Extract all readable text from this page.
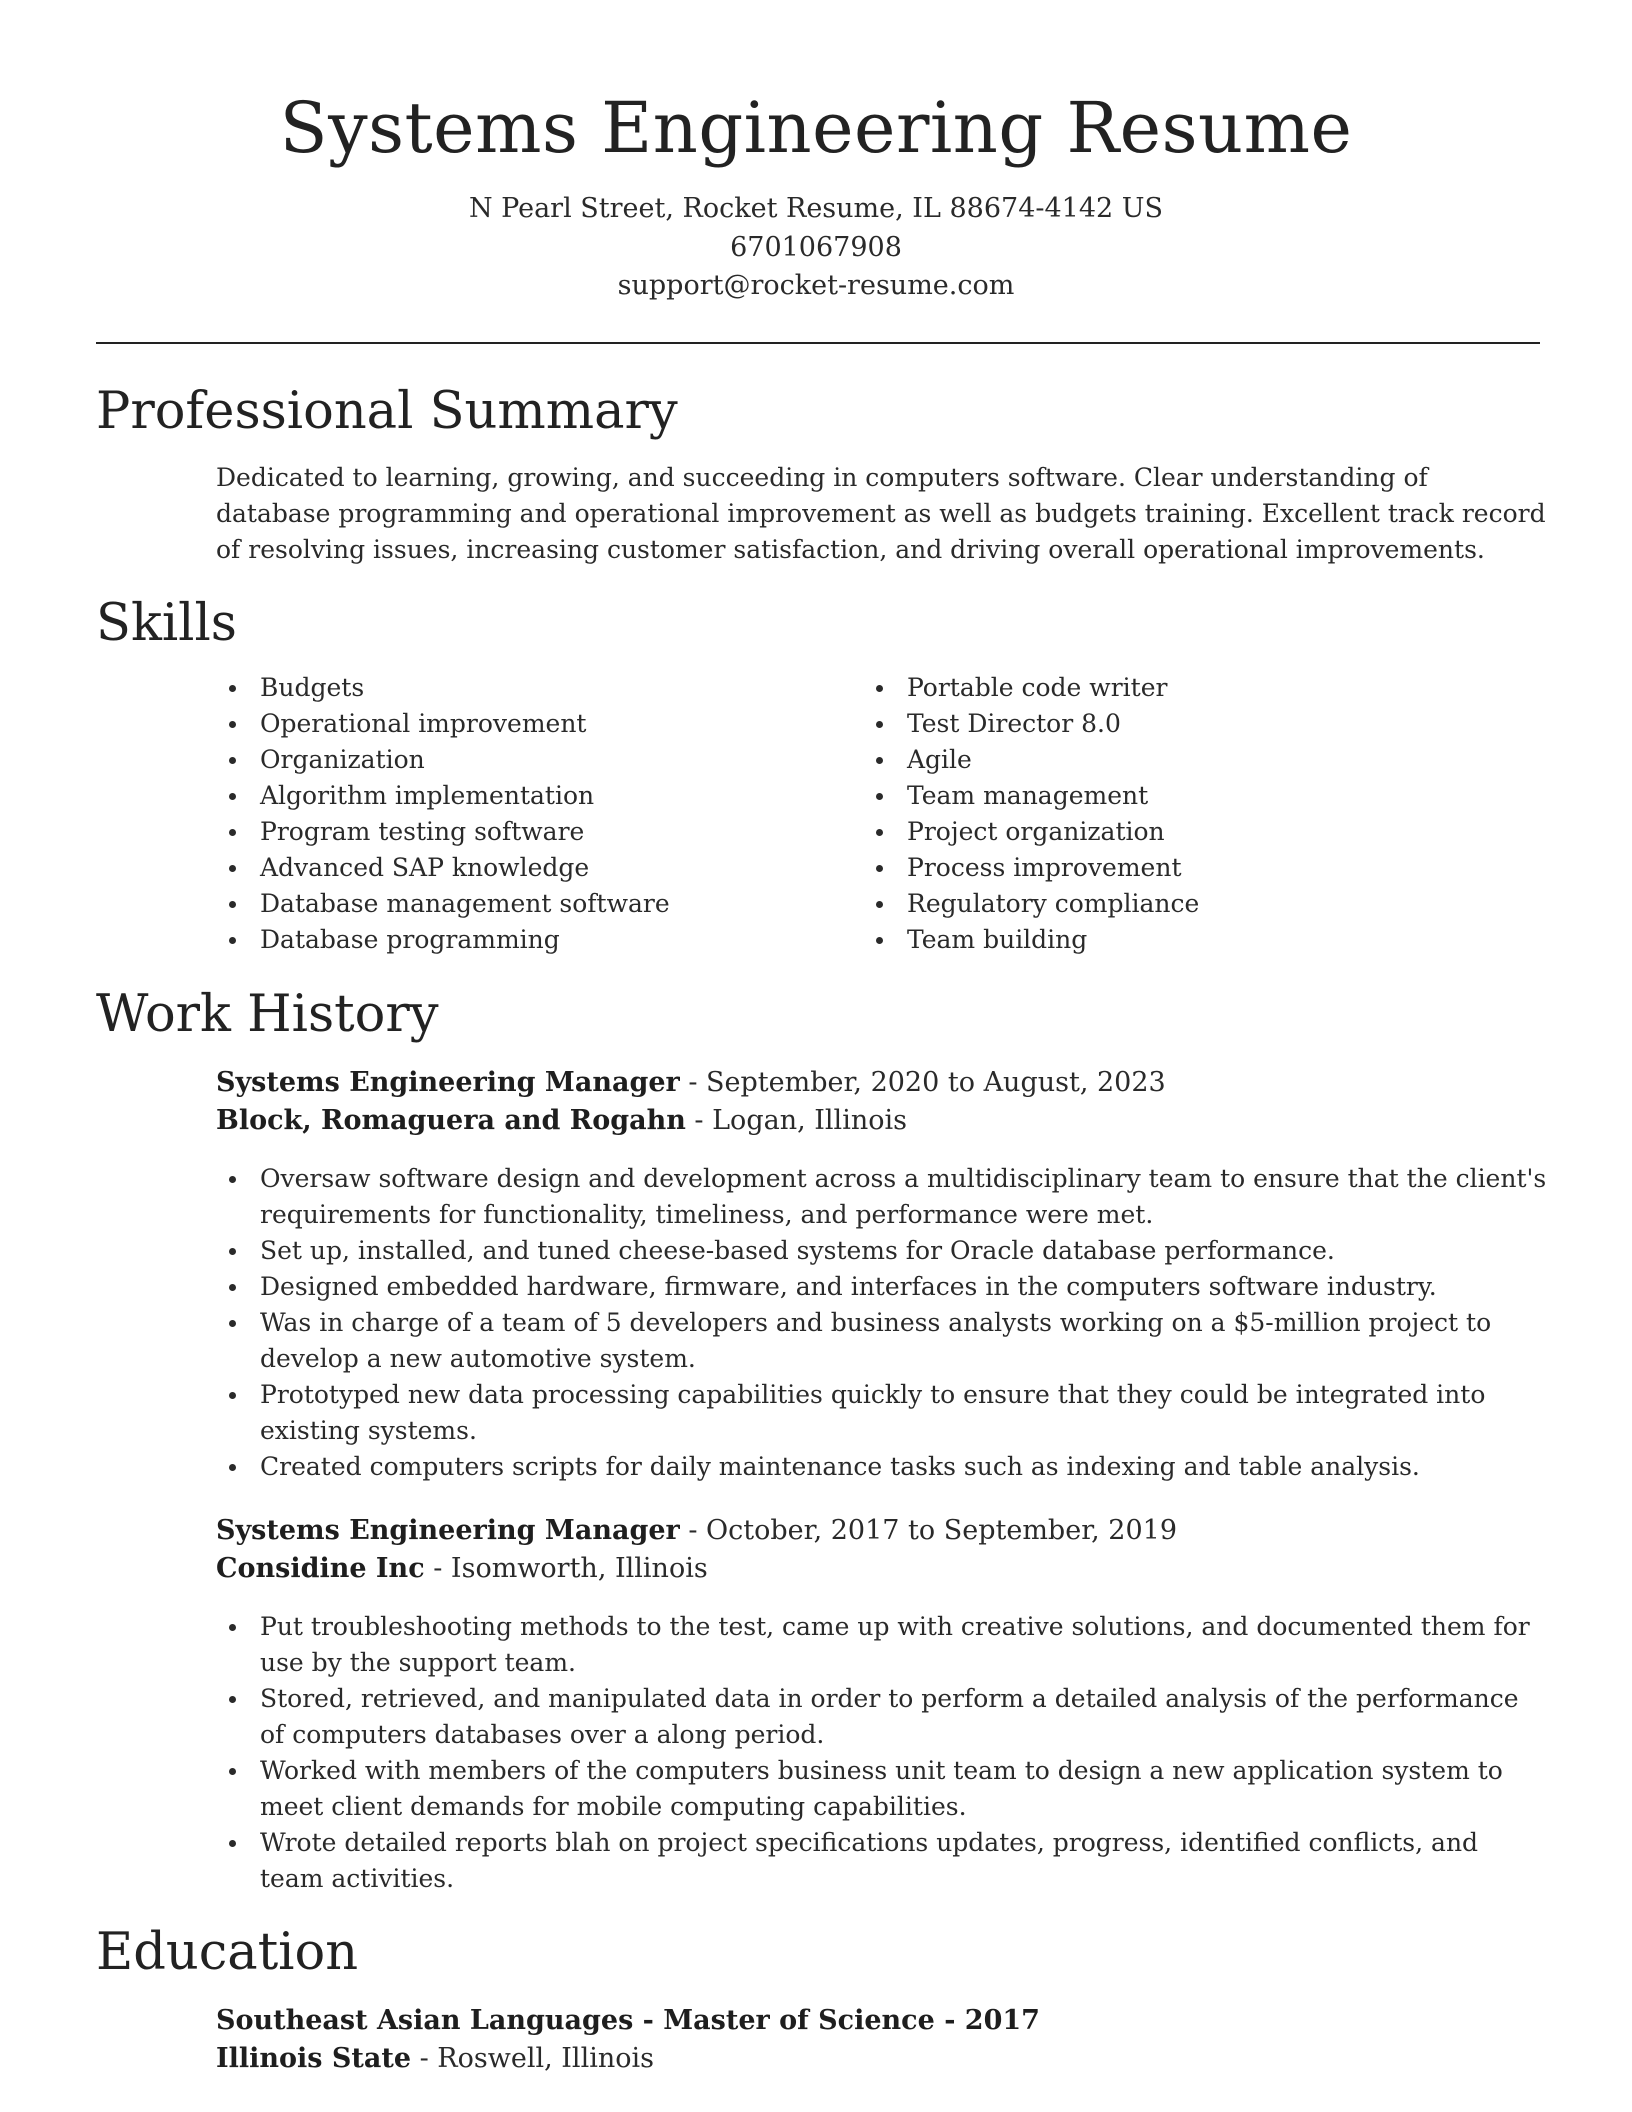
Systems Engineering Resume
N Pearl Street, Rocket Resume, IL 88674-4142 US
6701067908
support@rocket-resume.com
Professional Summary

Dedicated to learning, growing, and succeeding in computers software. Clear understanding of database programming and operational improvement as well as budgets training. Excellent track record of resolving issues, increasing customer satisfaction, and driving overall operational improvements.

Skills
Budgets
Operational improvement
Organization
Algorithm implementation
Program testing software
Advanced SAP knowledge
Database management software
Database programming
Portable code writer
Test Director 8.0
Agile
Team management
Project organization
Process improvement
Regulatory compliance
Team building
Work History
Systems Engineering Manager - September, 2020 to August, 2023
Block, Romaguera and Rogahn - Logan, Illinois
Oversaw software design and development across a multidisciplinary team to ensure that the client's requirements for functionality, timeliness, and performance were met.
Set up, installed, and tuned cheese-based systems for Oracle database performance.
Designed embedded hardware, firmware, and interfaces in the computers software industry.
Was in charge of a team of 5 developers and business analysts working on a $5-million project to develop a new automotive system.
Prototyped new data processing capabilities quickly to ensure that they could be integrated into existing systems.
Created computers scripts for daily maintenance tasks such as indexing and table analysis.
Systems Engineering Manager - October, 2017 to September, 2019
Considine Inc - Isomworth, Illinois
Put troubleshooting methods to the test, came up with creative solutions, and documented them for use by the support team.
Stored, retrieved, and manipulated data in order to perform a detailed analysis of the performance of computers databases over a along period.
Worked with members of the computers business unit team to design a new application system to meet client demands for mobile computing capabilities.
Wrote detailed reports blah on project specifications updates, progress, identified conflicts, and team activities.
Education
Southeast Asian Languages - Master of Science - 2017
Illinois State - Roswell, Illinois
